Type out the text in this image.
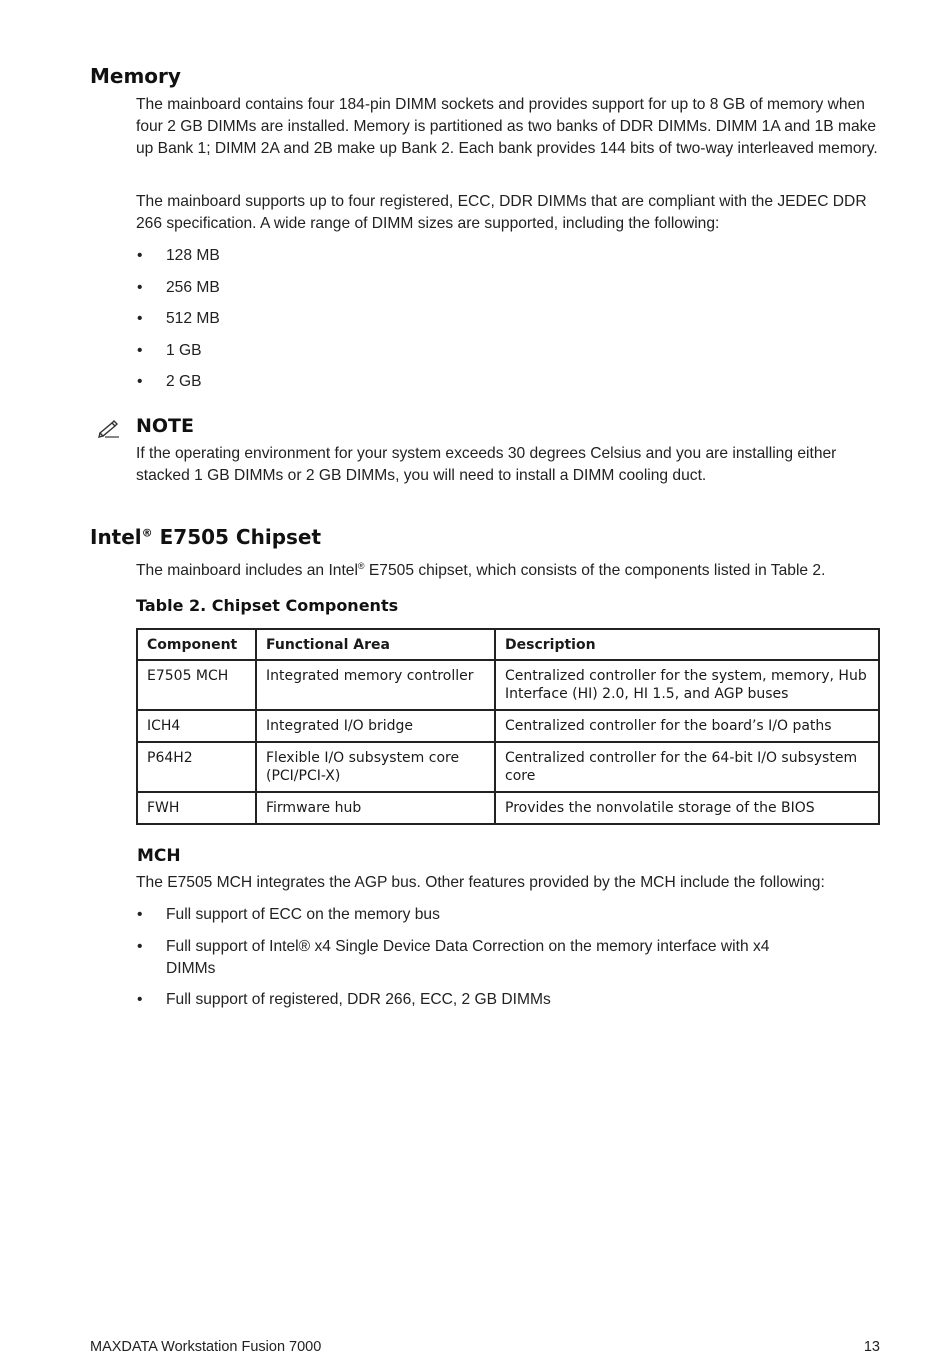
Memory

The mainboard contains four 184-pin DIMM sockets and provides support for up to 8 GB of memory when four 2 GB DIMMs are installed. Memory is partitioned as two banks of DDR DIMMs. DIMM 1A and 1B make up Bank 1; DIMM 2A and 2B make up Bank 2. Each bank provides 144 bits of two-way interleaved memory.

The mainboard supports up to four registered, ECC, DDR DIMMs that are compliant with the JEDEC DDR 266 specification. A wide range of DIMM sizes are supported, including the following:

• 128 MB
• 256 MB
• 512 MB
• 1 GB
• 2 GB
NOTE

If the operating environment for your system exceeds 30 degrees Celsius and you are installing either stacked 1 GB DIMMs or 2 GB DIMMs, you will need to install a DIMM cooling duct.

Intel® E7505 Chipset

The mainboard includes an Intel® E7505 chipset, which consists of the components listed in Table 2.

Table 2. Chipset Components
Component	Functional Area	Description
E7505 MCH	Integrated memory controller	Centralized controller for the system, memory, Hub Interface (HI) 2.0, HI 1.5, and AGP buses
ICH4	Integrated I/O bridge	Centralized controller for the board’s I/O paths
P64H2	Flexible I/O subsystem core (PCI/PCI-X)	Centralized controller for the 64-bit I/O subsystem core
FWH	Firmware hub	Provides the nonvolatile storage of the BIOS
MCH

The E7505 MCH integrates the AGP bus. Other features provided by the MCH include the following:

• Full support of ECC on the memory bus
• Full support of Intel® x4 Single Device Data Correction on the memory interface with x4 DIMMs
• Full support of registered, DDR 266, ECC, 2 GB DIMMs
MAXDATA Workstation Fusion 7000	13
